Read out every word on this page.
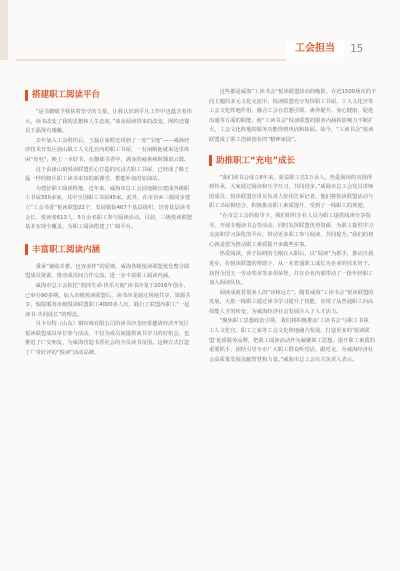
工会担当	15
搭建职工阅读平台

“是书籍赋予我执着坚守的力量，让我认识到平凡工作中也蕴含着伟大，读书改变了我的思想和人生态度，”谈及阅读带来的改变，网约送餐员王磊深有感触。

去年加入工会组织后，王磊在家附近找到了一处“宝地”——威海经济技术开发区崮山镇工人文化宫内的职工书屋，一有闲暇他就来这里休闲“充电”，换上一本好书，在馥郁书香中，满身的疲惫顿时烟消云散。

这个由崮山镇悦读联盟匠心打造的沉浸式职工书屋，已经成了像王磊一样的辖区职工读书求知的新课堂、蓄能补血的加油站。

为建好职工阅读阵地，近年来，威海市总工会因地制宜建成各级职工书屋350多家，其中全国职工书屋45家。此外，在市县乡三级同步建立“工会书香”悦读联盟22个，发展镇街467个基层组织，培育基层读书会长、悦读者613人，5万余名职工参与阅读活动。目前，三级悦读联盟基本实现全覆盖，为职工阅读搭建了广阔平台。

丰富职工阅读内涵

秉承“兼收并蓄、包容多样”的原则，威海各级悦读联盟优化整合联盟成员资源，推动成员间合作交流，进一步丰富职工阅读内涵。

威海市总工会依托“润泽生命·快乐天使”读书沙龙于2016年创办，已举办90多期。加入市级悦读联盟后，读书沙龙通过场地共享、资源共享，辐射服务市级悦读联盟职工4000多人次，践行了联盟内职工“一起读书·共同成长”的理念。

贝卡尔特（山东）钢帘线有限公司的读书沙龙经常邀请经济开发区悦读联盟成员单位参与活动，不仅为成员间提供读书学习的好机会，也推进了广交朋友、为威海营造书香社会的全员读书氛围。这种方式打造了广受好评的“悦读”活动品牌。

这些都是威海“工读书会”悦读联盟活动的缩影。在近1500场次的不同主题的多元文化交流中，悦读联盟充分发挥职工书屋、工人文化宫等工会文化阵地作用，融合工会在思想引领、素养提升、身心健康、促进沟通等方面的职能，使“工读书会”悦读联盟的服务内涵和影响力不断扩大，工会文化阵地的服务功能得到巩固和拓展。如今，“工读书会”悦读联盟成了职工创新创业的“精神家园”。

助推职工“充电”成长

“我们读书会成立6年来，获益职工达1万余人，热爱阅读的氛围得到传承，大家通过阅读和互学互习，共同进步。”威海市总工会党员讲师团成员、悦读联盟宣讲员负责人张伟告诉记者，他们将悦读联盟活动与职工书屋相结合，积极推动职工素质提升，受到了一线职工的欢迎。

“在市总工会的指导下，我们组织专业人员为职工提供阅读分享指导，开展专题读书会等活动，同时发挥联盟优势资源，为职工提供学习交流和学习深化的平台，带动更多职工参与阅读，共同提升。”我们的初心就是要为推动职工素质提升多做些实事。

热爱阅读，喜于钻研的仝刚在入职后，以“阅读”为抓手，推动自我进步，在悦读联盟的帮助下，从一名普通职工成长为企业的技术骨干。获得全国五一劳动奖章等多项荣誉，并在企业内部带动了一批年轻职工加入阅读队伍。

阅读成就着很多人的“诗和远方”。随着威海“工读书会”悦读联盟的发展，大批一线职工通过读书学习提升了技能，实现了从普通职工向高技能人才的转变，为威海经济社会发展注入了人才活力。

“聚焦职工思想政治引领，我们将积极推动‘工读书会’与职工书屋、工人文化宫、职工之家等工会文化阵地融合发展，打造更多的‘悦读联盟’优质服务品牌，把职工阅读活动作为凝聚职工思想、提升职工素质的重要抓手，团结引导全市广大职工群众听党话、跟党走，为威海经济社会高质量发展贡献智慧和力量。”威海市总工会有关负责人表示。
